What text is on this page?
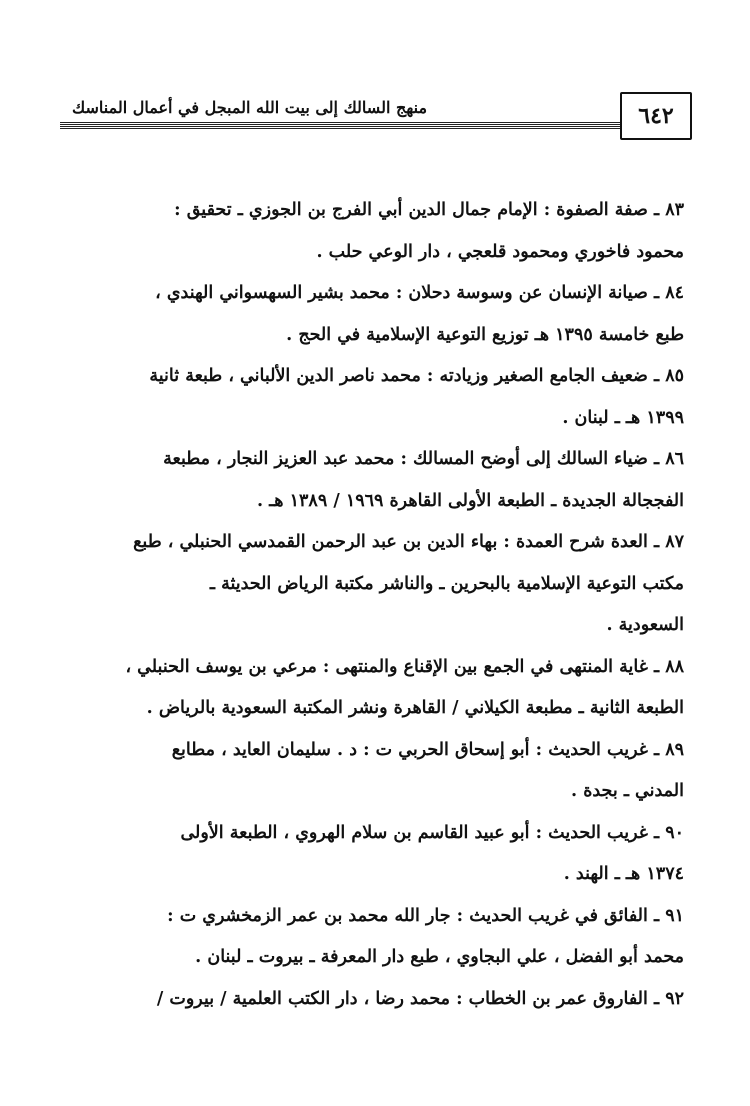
٦٤٢
منهج السالك إلى بيت الله المبجل في أعمال المناسك
٨٣ ـ صفة الصفوة : الإمام جمال الدين أبي الفرج بن الجوزي ـ تحقيق :
محمود فاخوري ومحمود قلعجي ، دار الوعي حلب .
٨٤ ـ صيانة الإنسان عن وسوسة دحلان : محمد بشير السهسواني الهندي ،
طبع خامسة ١٣٩٥ هـ توزيع التوعية الإسلامية في الحج .
٨٥ ـ ضعيف الجامع الصغير وزيادته : محمد ناصر الدين الألباني ، طبعة ثانية
١٣٩٩ هـ ـ لبنان .
٨٦ ـ ضياء السالك إلى أوضح المسالك : محمد عبد العزيز النجار ، مطبعة
الفججالة الجديدة ـ الطبعة الأولى القاهرة ١٩٦٩ / ١٣٨٩ هـ .
٨٧ ـ العدة شرح العمدة : بهاء الدين بن عبد الرحمن القمدسي الحنبلي ، طبع
مكتب التوعية الإسلامية بالبحرين ـ والناشر مكتبة الرياض الحديثة ـ
السعودية .
٨٨ ـ غاية المنتهى في الجمع بين الإقناع والمنتهى : مرعي بن يوسف الحنبلي ،
الطبعة الثانية ـ مطبعة الكيلاني / القاهرة ونشر المكتبة السعودية بالرياض .
٨٩ ـ غريب الحديث : أبو إسحاق الحربي ت : د . سليمان العايد ، مطابع
المدني ـ بجدة .
٩٠ ـ غريب الحديث : أبو عبيد القاسم بن سلام الهروي ، الطبعة الأولى
١٣٧٤ هـ ـ الهند .
٩١ ـ الفائق في غريب الحديث : جار الله محمد بن عمر الزمخشري ت :
محمد أبو الفضل ، علي البجاوي ، طبع دار المعرفة ـ بيروت ـ لبنان .
٩٢ ـ الفاروق عمر بن الخطاب : محمد رضا ، دار الكتب العلمية / بيروت /
